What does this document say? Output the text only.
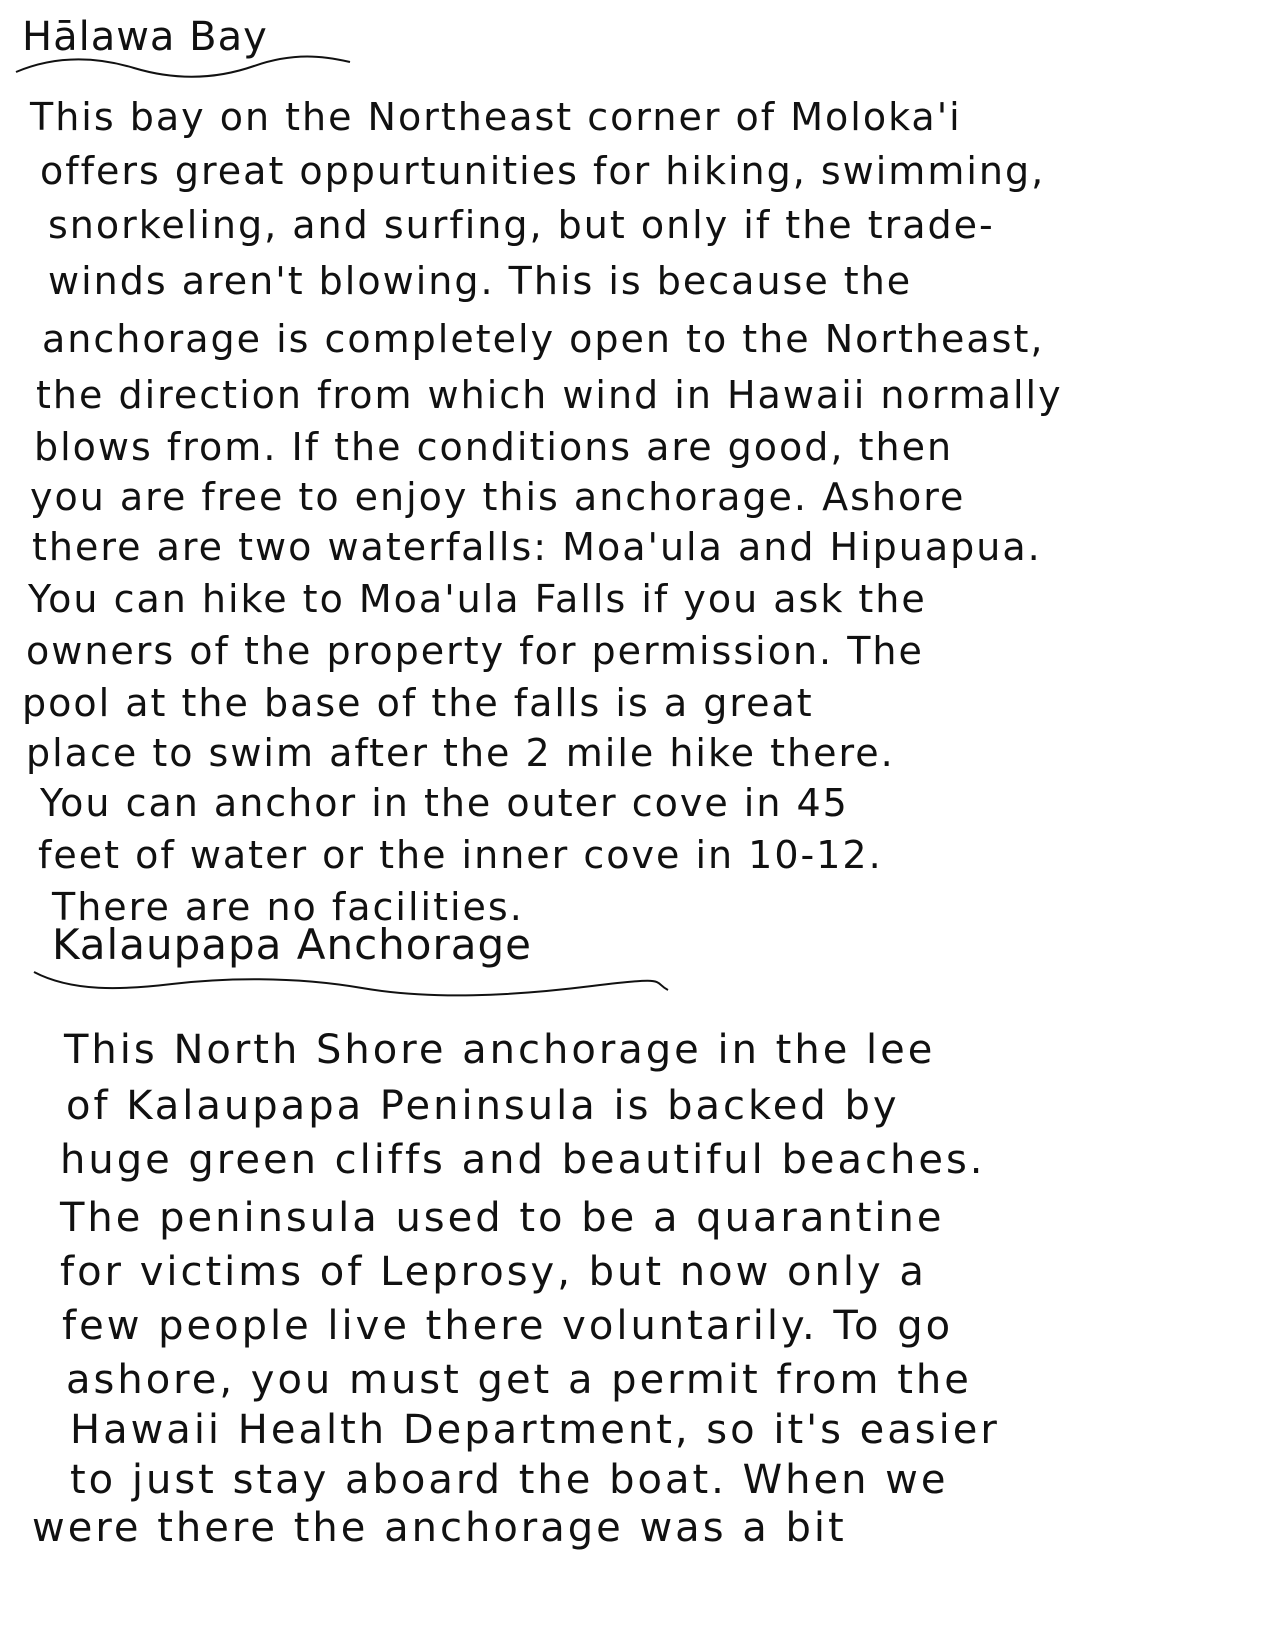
Hālawa Bay
This bay on the Northeast corner of Moloka'i
offers great oppurtunities for hiking, swimming,
snorkeling, and surfing, but only if the trade-
winds aren't blowing. This is because the
anchorage is completely open to the Northeast,
the direction from which wind in Hawaii normally
blows from. If the conditions are good, then
you are free to enjoy this anchorage. Ashore
there are two waterfalls: Moa'ula and Hipuapua.
You can hike to Moa'ula Falls if you ask the
owners of the property for permission. The
pool at the base of the falls is a great
place to swim after the 2 mile hike there.
You can anchor in the outer cove in 45
feet of water or the inner cove in 10-12.
There are no facilities.
Kalaupapa Anchorage
This North Shore anchorage in the lee
of Kalaupapa Peninsula is backed by
huge green cliffs and beautiful beaches.
The peninsula used to be a quarantine
for victims of Leprosy, but now only a
few people live there voluntarily. To go
ashore, you must get a permit from the
Hawaii Health Department, so it's easier
to just stay aboard the boat. When we
were there the anchorage was a bit
